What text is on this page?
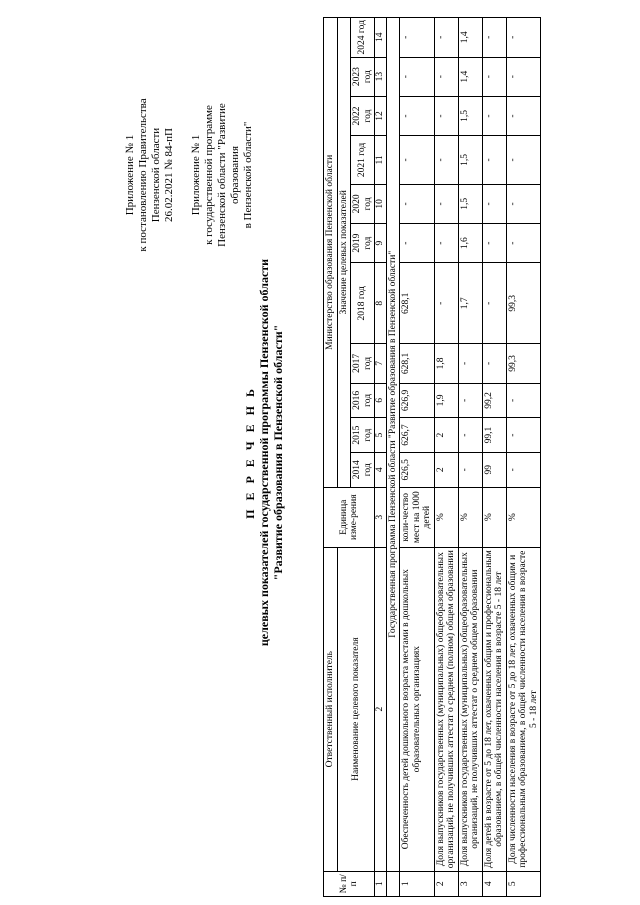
Приложение № 1 к постановлению Правительства Пензенской области 26.02.2021 № 84-пП Приложение № 1 к государственной программе Пензенской области "Развитие образования в Пензенской области"
П Е Р Е Ч Е Н Ь целевых показателей государственной программы Пензенской области "Развитие образования в Пензенской области"
№ п/п	Ответственный исполнитель	Единица изме-рения	Министерство образования Пензенской области										
	Наименование целевого показателя		Значение целевых показателей										
			2014 год	2015 год	2016 год	2017 год	2018 год	2019 год	2020 год	2021 год	2022 год	2023 год	2024 год
1	2	3	4	5	6	7	8	9	10	11	12	13	14
	Государственная программа Пензенской области "Развитие образования в Пензенской области"												
1	Обеспеченность детей дошкольного возраста местами в дошкольных образовательных организациях	коли-чество мест на 1000 детей	626,5	626,7	626,9	628,1	628,1	-	-	-	-	-	-
2	Доля выпускников государственных (муниципальных) общеобразовательных организаций, не получивших аттестат о среднем (полном) общем образовании	%	2	2	1,9	1,8	-	-	-	-	-	-	-
3	Доля выпускников государственных (муниципальных) общеобразовательных организаций, не получивших аттестат о среднем общем образовании	%	-	-	-	-	1,7	1,6	1,5	1,5	1,5	1,4	1,4
4	Доля детей в возрасте от 5 до 18 лет, охваченных общим и профессиональным образованием, в общей численности населения в возрасте 5 - 18 лет	%	99	99,1	99,2	-	-	-	-	-	-	-	-
5	Доля численности населения в возрасте от 5 до 18 лет, охваченных общим и профессиональным образованием, в общей численности населения в возрасте 5 - 18 лет	%	-	-	-	99,3	99,3	-	-	-	-	-	-
